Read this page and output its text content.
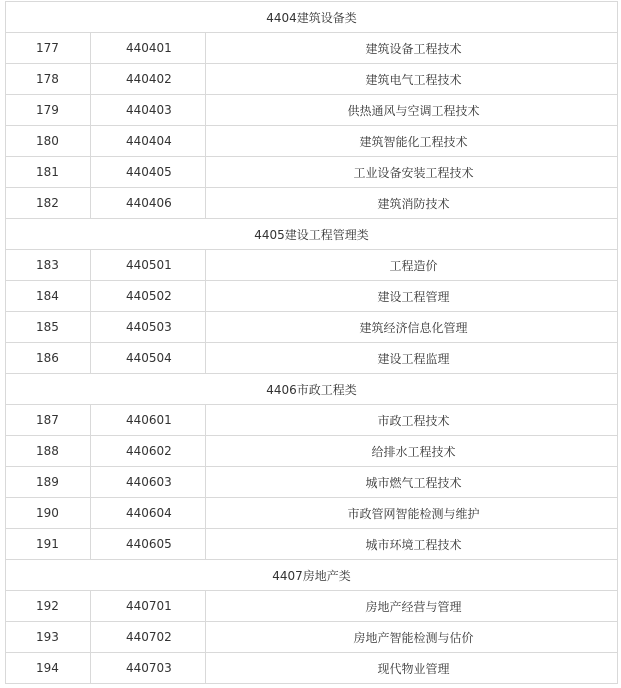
4404建筑设备类		
177	440401	建筑设备工程技术
178	440402	建筑电气工程技术
179	440403	供热通风与空调工程技术
180	440404	建筑智能化工程技术
181	440405	工业设备安装工程技术
182	440406	建筑消防技术
4405建设工程管理类		
183	440501	工程造价
184	440502	建设工程管理
185	440503	建筑经济信息化管理
186	440504	建设工程监理
4406市政工程类		
187	440601	市政工程技术
188	440602	给排水工程技术
189	440603	城市燃气工程技术
190	440604	市政管网智能检测与维护
191	440605	城市环境工程技术
4407房地产类		
192	440701	房地产经营与管理
193	440702	房地产智能检测与估价
194	440703	现代物业管理
